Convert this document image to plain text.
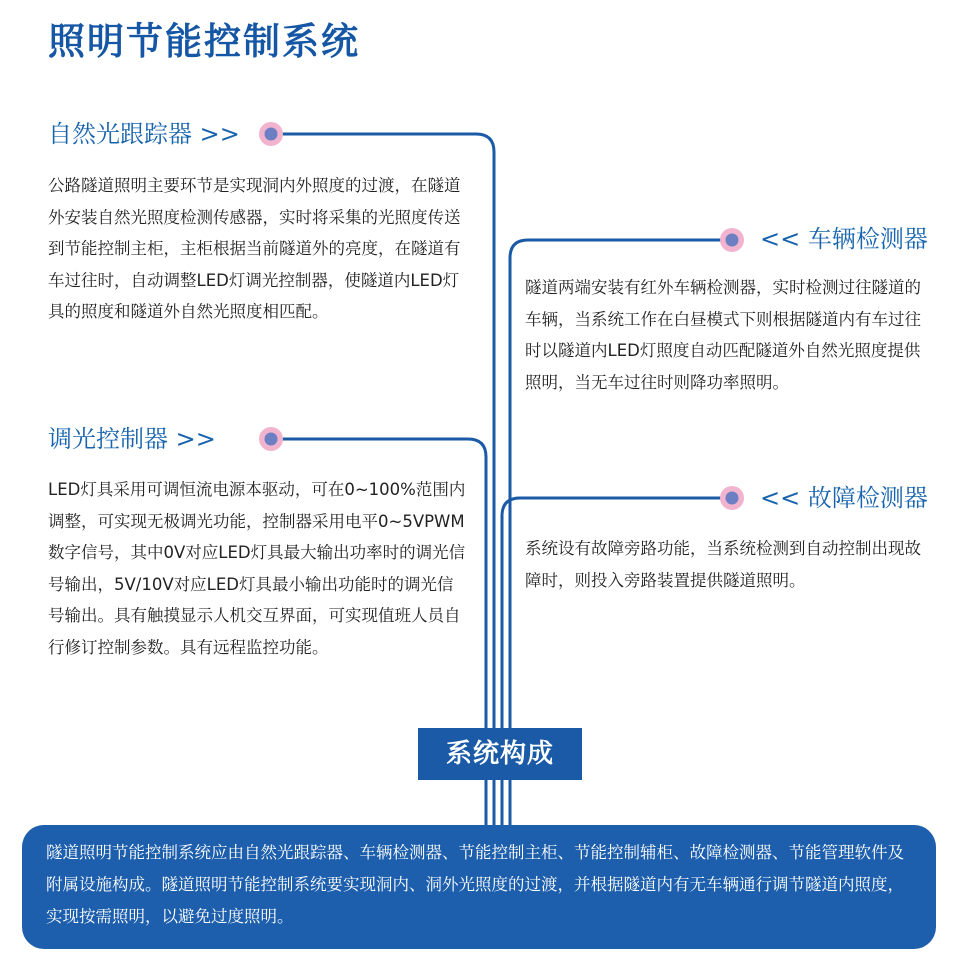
照明节能控制系统
自然光跟踪器 >>
公路隧道照明主要环节是实现洞内外照度的过渡，在隧道外安装自然光照度检测传感器，实时将采集的光照度传送到节能控制主柜，主柜根据当前隧道外的亮度，在隧道有车过往时，自动调整LED灯调光控制器，使隧道内LED灯具的照度和隧道外自然光照度相匹配。
调光控制器 >>
LED灯具采用可调恒流电源本驱动，可在0~100%范围内调整，可实现无极调光功能，控制器采用电平0~5VPWM数字信号，其中0V对应LED灯具最大输出功率时的调光信号输出，5V/10V对应LED灯具最小输出功能时的调光信号输出。具有触摸显示人机交互界面，可实现值班人员自行修订控制参数。具有远程监控功能。
<< 车辆检测器
隧道两端安装有红外车辆检测器，实时检测过往隧道的车辆，当系统工作在白昼模式下则根据隧道内有车过往时以隧道内LED灯照度自动匹配隧道外自然光照度提供照明，当无车过往时则降功率照明。
<< 故障检测器
系统设有故障旁路功能，当系统检测到自动控制出现故障时，则投入旁路装置提供隧道照明。
系统构成
隧道照明节能控制系统应由自然光跟踪器、车辆检测器、节能控制主柜、节能控制辅柜、故障检测器、节能管理软件及附属设施构成。隧道照明节能控制系统要实现洞内、洞外光照度的过渡，并根据隧道内有无车辆通行调节隧道内照度，实现按需照明，以避免过度照明。
